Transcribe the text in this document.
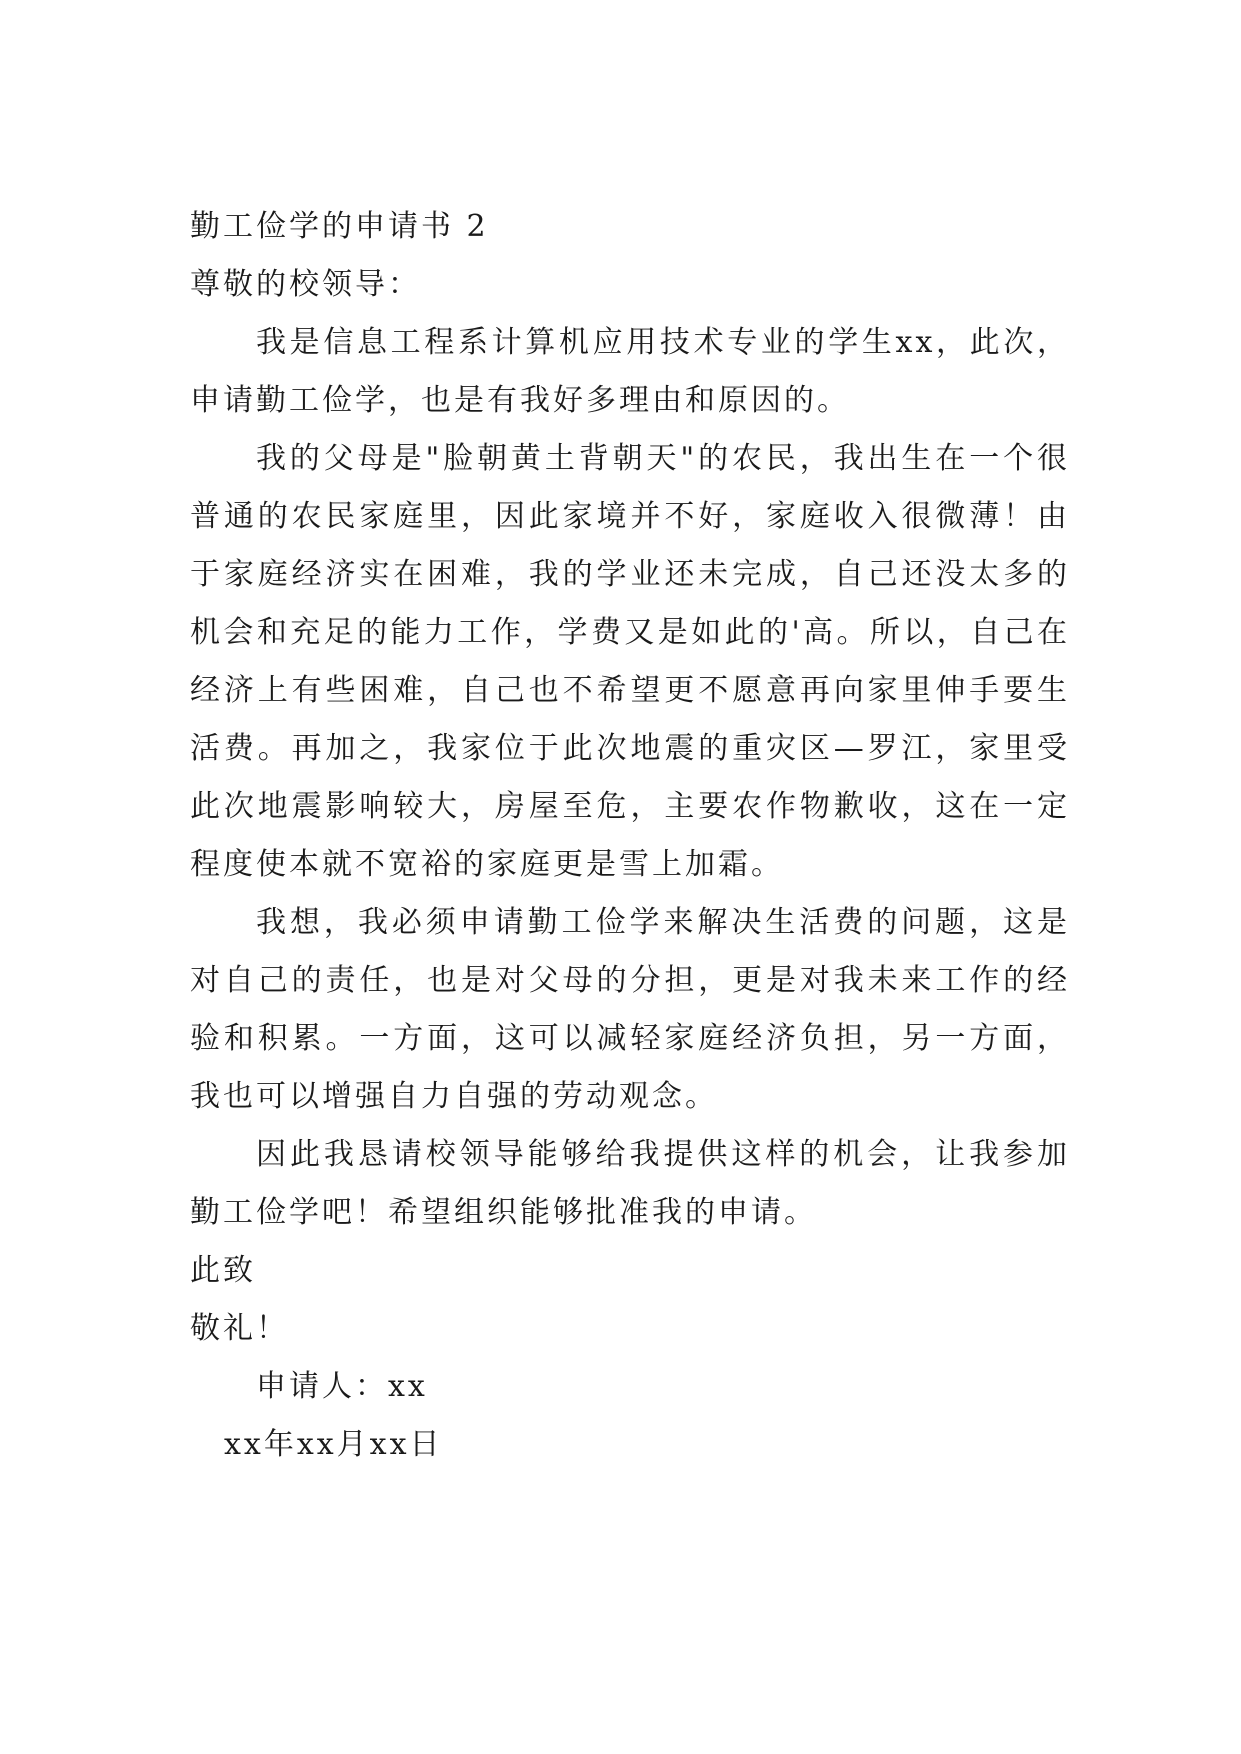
勤工俭学的申请书 2

尊敬的校领导：

我是信息工程系计算机应用技术专业的学生xx，此次，申请勤工俭学，也是有我好多理由和原因的。

我的父母是"脸朝黄土背朝天"的农民，我出生在一个很普通的农民家庭里，因此家境并不好，家庭收入很微薄！由于家庭经济实在困难，我的学业还未完成，自己还没太多的机会和充足的能力工作，学费又是如此的'高。所以，自己在经济上有些困难，自己也不希望更不愿意再向家里伸手要生活费。再加之，我家位于此次地震的重灾区—罗江，家里受此次地震影响较大，房屋至危，主要农作物歉收，这在一定程度使本就不宽裕的家庭更是雪上加霜。

我想，我必须申请勤工俭学来解决生活费的问题，这是对自己的责任，也是对父母的分担，更是对我未来工作的经验和积累。一方面，这可以减轻家庭经济负担，另一方面，我也可以增强自力自强的劳动观念。

因此我恳请校领导能够给我提供这样的机会，让我参加勤工俭学吧！希望组织能够批准我的申请。

此致

敬礼！

申请人：xx

xx年xx月xx日
